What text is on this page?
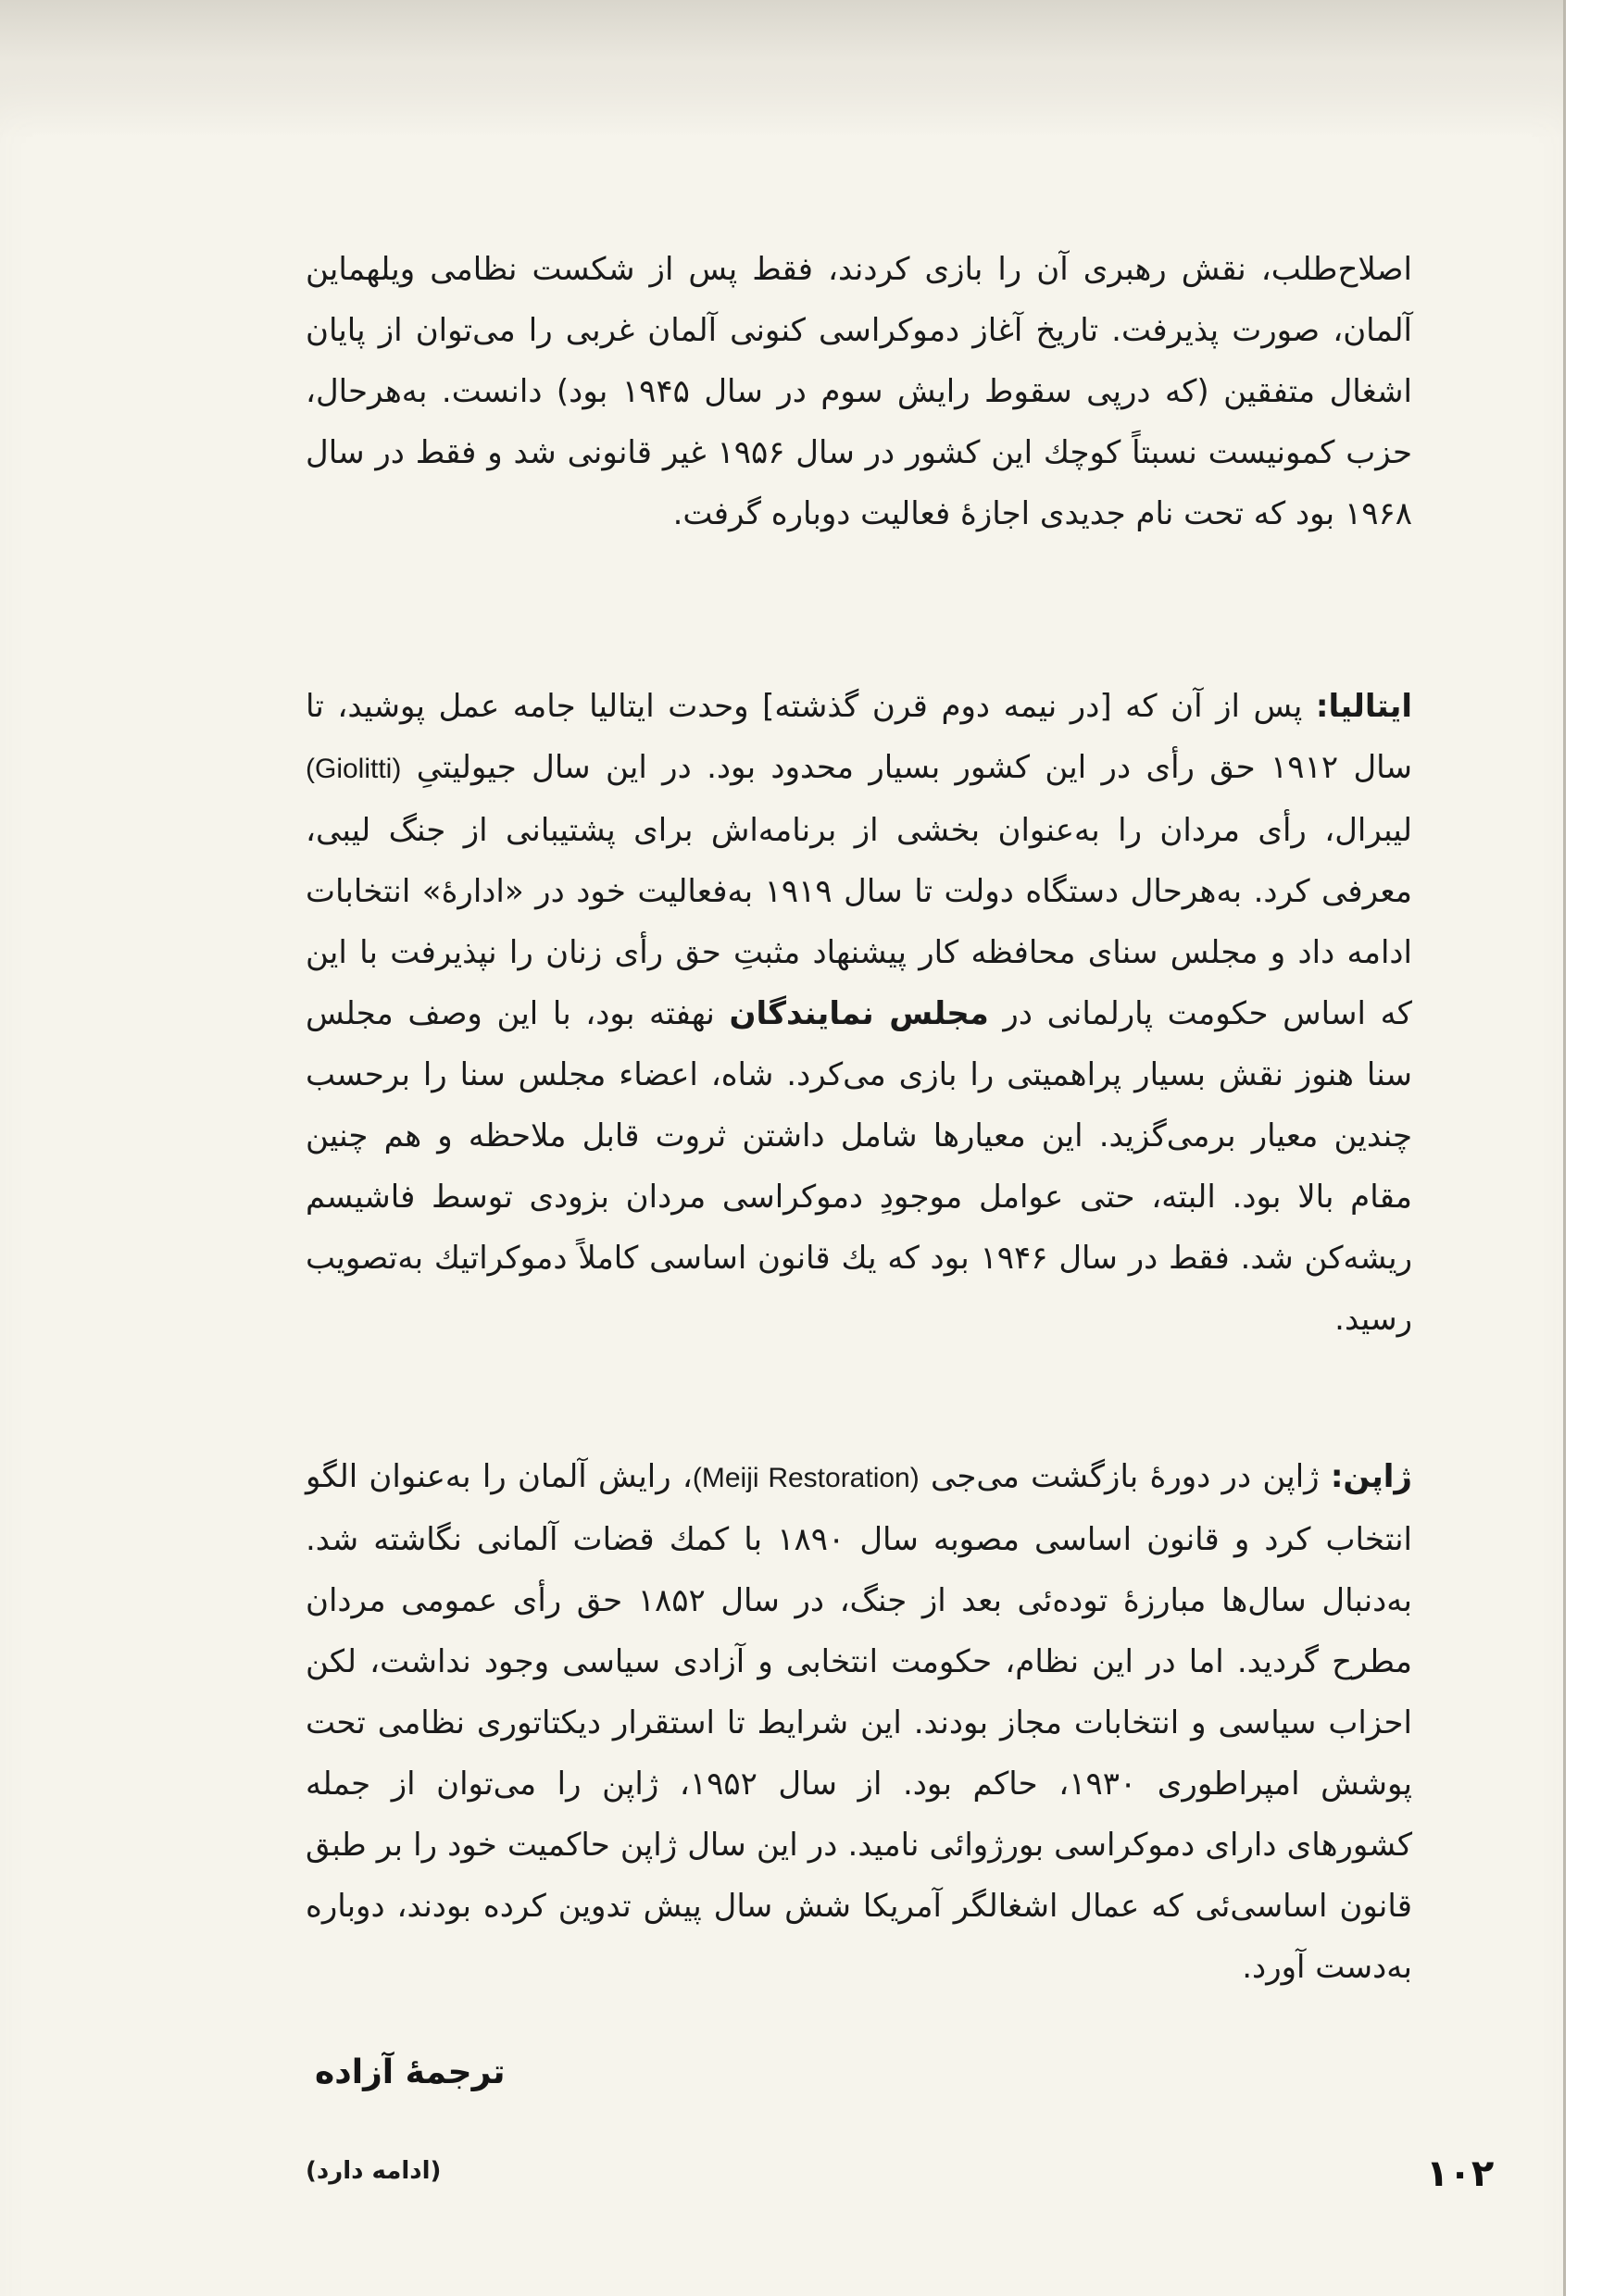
اصلاح‌طلب، نقش رهبری آن را بازی کردند، فقط پس از شکست نظامی ویلهماین آلمان، صورت پذیرفت. تاریخ آغاز دموکراسی کنونی آلمان غربی را می‌توان از پایان اشغال متفقین (که درپی سقوط رایش سوم در سال ۱۹۴۵ بود) دانست. به‌هرحال، حزب کمونیست نسبتاً کوچك این کشور در سال ۱۹۵۶ غیر قانونی شد و فقط در سال ۱۹۶۸ بود که تحت نام جدیدی اجازهٔ فعالیت دوباره گرفت.

ایتالیا: پس از آن که [در نیمه دوم قرن گذشته] وحدت ایتالیا جامه عمل پوشید، تا سال ۱۹۱۲ حق رأی در این کشور بسیار محدود بود. در این سال جیولیتیِ (Giolitti) لیبرال، رأی مردان را به‌عنوان بخشی از برنامه‌اش برای پشتیبانی از جنگ لیبی، معرفی کرد. به‌هرحال دستگاه دولت تا سال ۱۹۱۹ به‌فعالیت خود در «ادارهٔ» انتخابات ادامه داد و مجلس سنای محافظه کار پیشنهاد مثبتِ حق رأی زنان را نپذیرفت با این که اساس حکومت پارلمانی در مجلس نمایندگان نهفته بود، با این وصف مجلس سنا هنوز نقش بسیار پراهمیتی را بازی می‌کرد. شاه، اعضاء مجلس سنا را برحسب چندین معیار برمی‌گزید. این معیارها شامل داشتن ثروت قابل ملاحظه و هم چنین مقام بالا بود. البته، حتی عوامل موجودِ دموکراسی مردان بزودی توسط فاشیسم ریشه‌کن شد. فقط در سال ۱۹۴۶ بود که یك قانون اساسی کاملاً دموکراتیك به‌تصویب رسید.

ژاپن: ژاپن در دورهٔ بازگشت می‌جی (Meiji Restoration)، رایش آلمان را به‌عنوان الگو انتخاب کرد و قانون اساسی مصوبه سال ۱۸۹۰ با کمك قضات آلمانی نگاشته شد. به‌دنبال سال‌ها مبارزهٔ توده‌ئی بعد از جنگ، در سال ۱۸۵۲ حق رأی عمومی مردان مطرح گردید. اما در این نظام، حکومت انتخابی و آزادی سیاسی وجود نداشت، لکن احزاب سیاسی و انتخابات مجاز بودند. این شرایط تا استقرار دیکتاتوری نظامی تحت پوشش امپراطوری ۱۹۳۰، حاکم بود. از سال ۱۹۵۲، ژاپن را می‌توان از جمله کشورهای دارای دموکراسی بورژوائی نامید. در این سال ژاپن حاکمیت خود را بر طبق قانون اساسی‌ئی که عمال اشغالگر آمریکا شش سال پیش تدوین کرده بودند، دوباره به‌دست آورد.

ترجمهٔ آزاده
(ادامه دارد)	۱۰۲
